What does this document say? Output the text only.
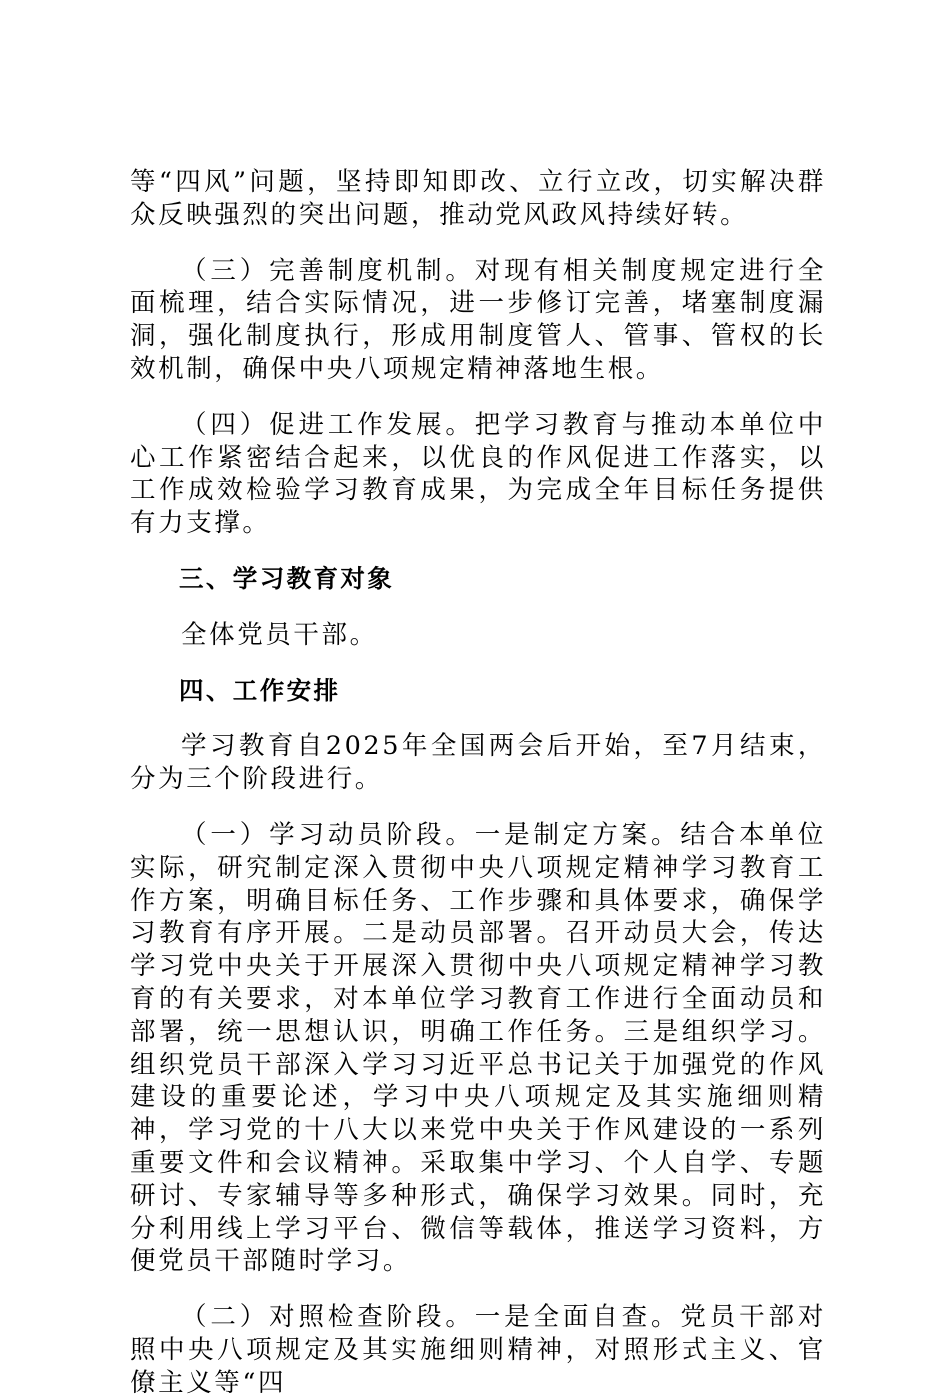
等“四风”问题，坚持即知即改、立行立改，切实解决群众反映强烈的突出问题，推动党风政风持续好转。

（三）完善制度机制。对现有相关制度规定进行全面梳理，结合实际情况，进一步修订完善，堵塞制度漏洞，强化制度执行，形成用制度管人、管事、管权的长效机制，确保中央八项规定精神落地生根。

（四）促进工作发展。把学习教育与推动本单位中心工作紧密结合起来，以优良的作风促进工作落实，以工作成效检验学习教育成果，为完成全年目标任务提供有力支撑。

三、学习教育对象

全体党员干部。

四、工作安排

学习教育自2025年全国两会后开始，至7月结束，分为三个阶段进行。

（一）学习动员阶段。一是制定方案。结合本单位实际，研究制定深入贯彻中央八项规定精神学习教育工作方案，明确目标任务、工作步骤和具体要求，确保学习教育有序开展。二是动员部署。召开动员大会，传达学习党中央关于开展深入贯彻中央八项规定精神学习教育的有关要求，对本单位学习教育工作进行全面动员和部署，统一思想认识，明确工作任务。三是组织学习。组织党员干部深入学习习近平总书记关于加强党的作风建设的重要论述，学习中央八项规定及其实施细则精神，学习党的十八大以来党中央关于作风建设的一系列重要文件和会议精神。采取集中学习、个人自学、专题研讨、专家辅导等多种形式，确保学习效果。同时，充分利用线上学习平台、微信等载体，推送学习资料，方便党员干部随时学习。

（二）对照检查阶段。一是全面自查。党员干部对照中央八项规定及其实施细则精神，对照形式主义、官僚主义等“四
